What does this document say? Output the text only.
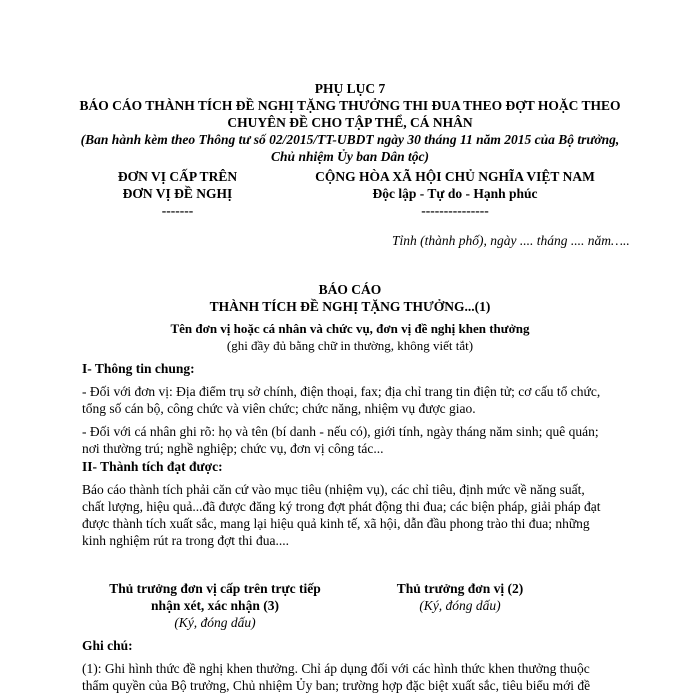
PHỤ LỤC 7
BÁO CÁO THÀNH TÍCH ĐỀ NGHỊ TẶNG THƯỞNG THI ĐUA THEO ĐỢT HOẶC THEO
CHUYÊN ĐỀ CHO TẬP THỂ, CÁ NHÂN
(Ban hành kèm theo Thông tư số 02/2015/TT-UBDT ngày 30 tháng 11 năm 2015 của Bộ trưởng,
Chủ nhiệm Ủy ban Dân tộc)
ĐƠN VỊ CẤP TRÊN
ĐƠN VỊ ĐỀ NGHỊ
-------
CỘNG HÒA XÃ HỘI CHỦ NGHĨA VIỆT NAM
Độc lập - Tự do - Hạnh phúc
---------------
Tỉnh (thành phố), ngày .... tháng .... năm…..
BÁO CÁO
THÀNH TÍCH ĐỀ NGHỊ TẶNG THƯỞNG...(1)
Tên đơn vị hoặc cá nhân và chức vụ, đơn vị đề nghị khen thưởng
(ghi đầy đủ bằng chữ in thường, không viết tắt)
I- Thông tin chung:
- Đối với đơn vị: Địa điểm trụ sở chính, điện thoại, fax; địa chỉ trang tin điện tử; cơ cấu tổ chức,
tổng số cán bộ, công chức và viên chức; chức năng, nhiệm vụ được giao.
- Đối với cá nhân ghi rõ: họ và tên (bí danh - nếu có), giới tính, ngày tháng năm sinh; quê quán;
nơi thường trú; nghề nghiệp; chức vụ, đơn vị công tác...
II- Thành tích đạt được:
Báo cáo thành tích phải căn cứ vào mục tiêu (nhiệm vụ), các chỉ tiêu, định mức về năng suất,
chất lượng, hiệu quả...đã được đăng ký trong đợt phát động thi đua; các biện pháp, giải pháp đạt
được thành tích xuất sắc, mang lại hiệu quả kinh tế, xã hội, dẫn đầu phong trào thi đua; những
kinh nghiệm rút ra trong đợt thi đua....
Thủ trưởng đơn vị cấp trên trực tiếp
nhận xét, xác nhận (3)
(Ký, đóng dấu)
Thủ trưởng đơn vị (2)
(Ký, đóng dấu)
Ghi chú:
(1): Ghi hình thức đề nghị khen thưởng. Chỉ áp dụng đối với các hình thức khen thưởng thuộc
thẩm quyền của Bộ trưởng, Chủ nhiệm Ủy ban; trường hợp đặc biệt xuất sắc, tiêu biểu mới đề
